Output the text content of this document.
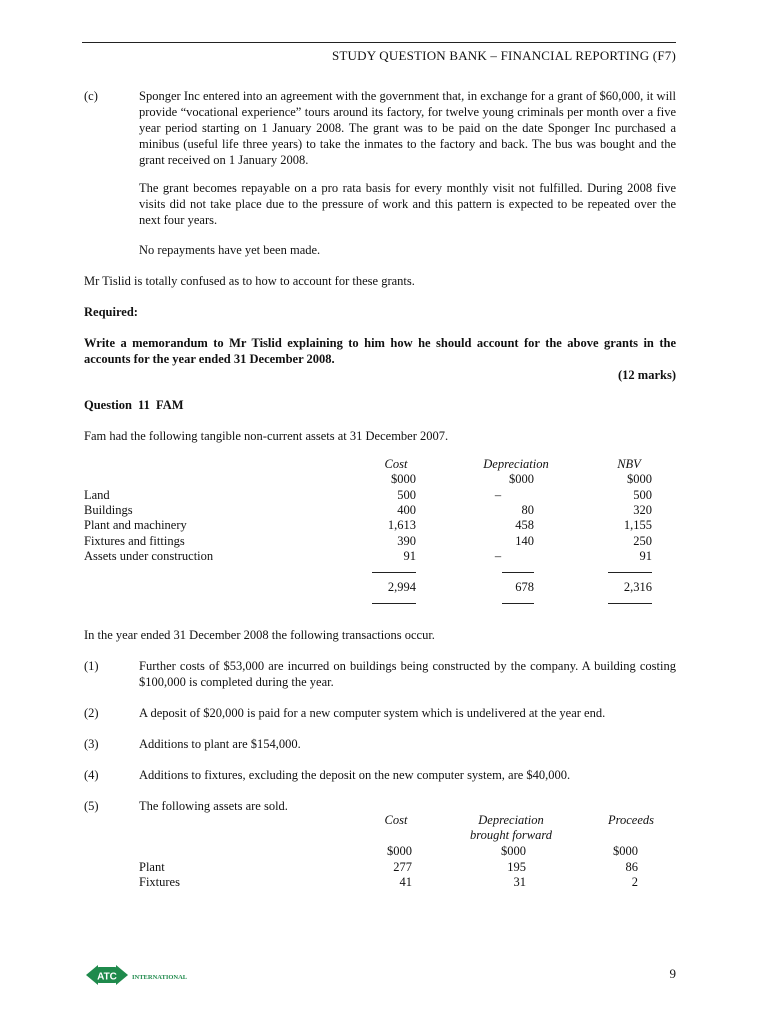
STUDY QUESTION BANK – FINANCIAL REPORTING (F7)
(c)	Sponger Inc entered into an agreement with the government that, in exchange for a grant of $60,000, it will provide “vocational experience” tours around its factory, for twelve young criminals per month over a five year period starting on 1 January 2008. The grant was to be paid on the date Sponger Inc purchased a minibus (useful life three years) to take the inmates to the factory and back. The bus was bought and the grant received on 1 January 2008.
The grant becomes repayable on a pro rata basis for every monthly visit not fulfilled. During 2008 five visits did not take place due to the pressure of work and this pattern is expected to be repeated over the next four years.
No repayments have yet been made.
Mr Tislid is totally confused as to how to account for these grants.
Required:
Write a memorandum to Mr Tislid explaining to him how he should account for the above grants in the accounts for the year ended 31 December 2008.
(12 marks)
Question 11 FAM
Fam had the following tangible non-current assets at 31 December 2007.
Cost	Depreciation	NBV
$000	$000	$000
Land	500	–	500
Buildings	400	80	320
Plant and machinery	1,613	458	1,155
Fixtures and fittings	390	140	250
Assets under construction	91	–	91
2,994	678	2,316
In the year ended 31 December 2008 the following transactions occur.
(1)	Further costs of $53,000 are incurred on buildings being constructed by the company. A building costing $100,000 is completed during the year.
(2)	A deposit of $20,000 is paid for a new computer system which is undelivered at the year end.
(3)	Additions to plant are $154,000.
(4)	Additions to fixtures, excluding the deposit on the new computer system, are $40,000.
(5)	The following assets are sold.
Cost	Depreciation	Proceeds
brought forward
$000	$000	$000
Plant	277	195	86
Fixtures	41	31	2
ATC INTERNATIONAL	9
